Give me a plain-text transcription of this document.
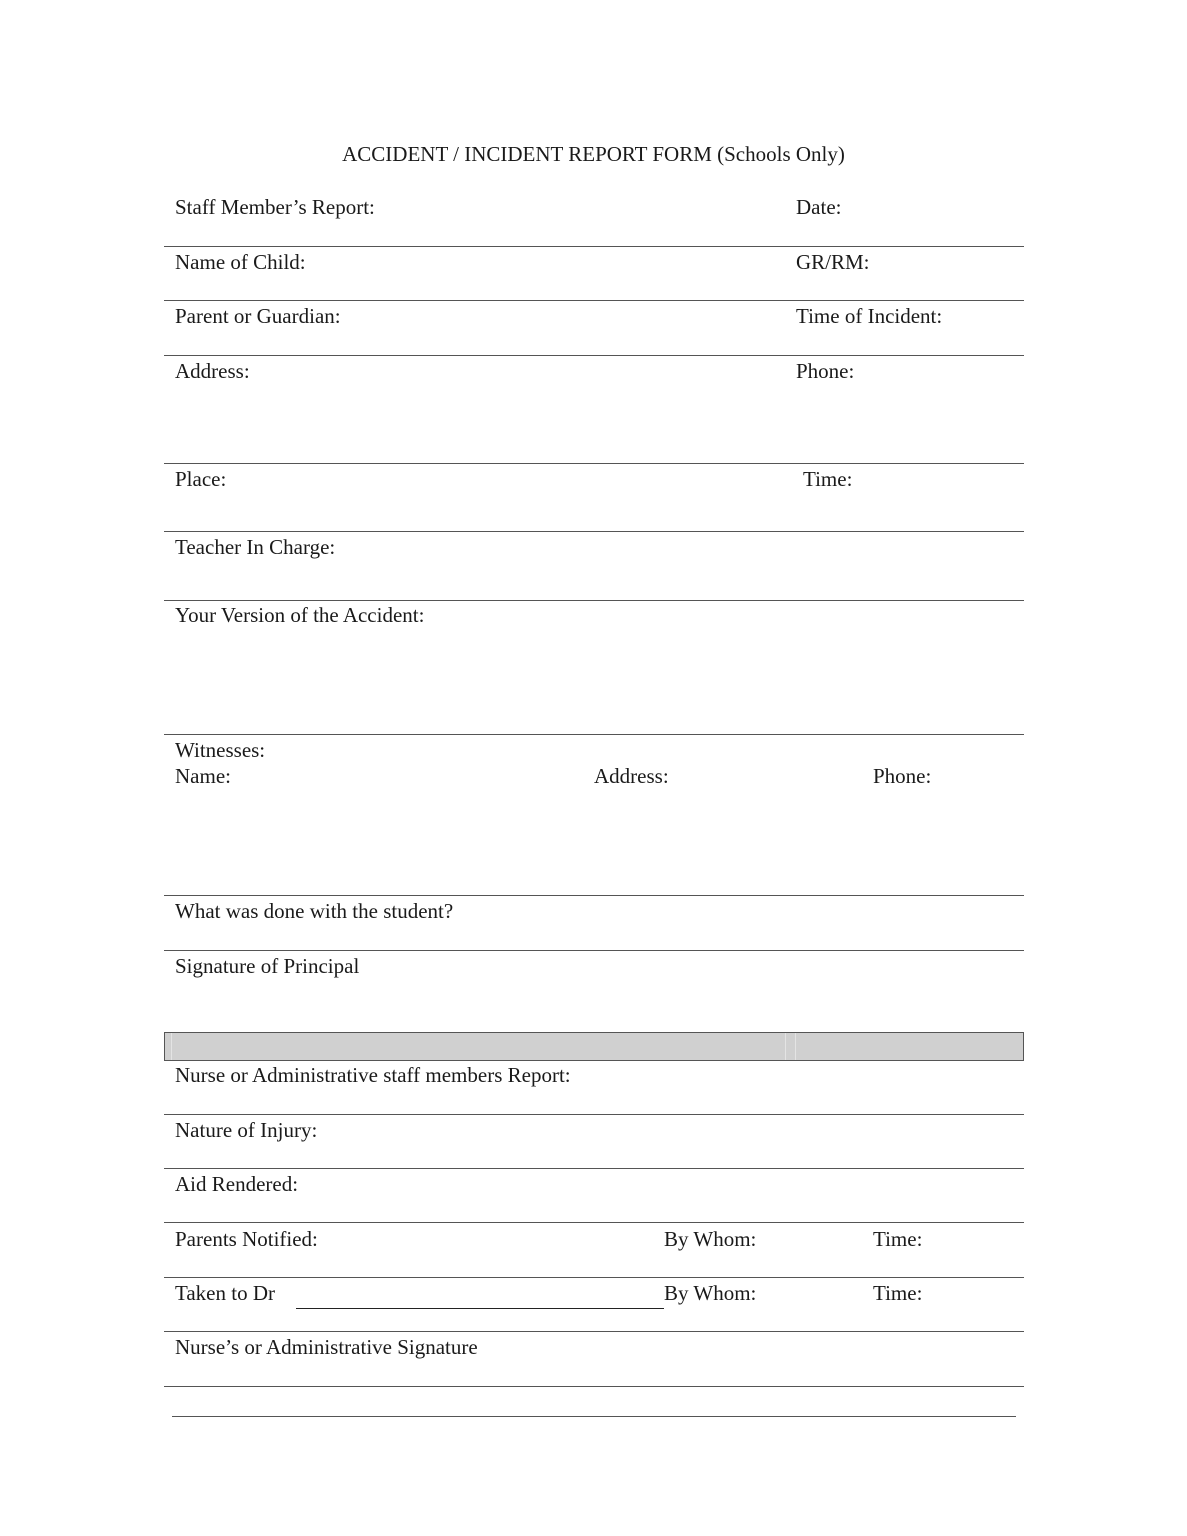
ACCIDENT / INCIDENT REPORT FORM (Schools Only)
Staff Member’s Report:	Date:
Name of Child:	GR/RM:
Parent or Guardian:	Time of Incident:
Address:	Phone:
Place:	Time:
Teacher In Charge:
Your Version of the Accident:
Witnesses:
Name:	Address:	Phone:
What was done with the student?
Signature of Principal
Nurse or Administrative staff members Report:
Nature of Injury:
Aid Rendered:
Parents Notified:	By Whom:	Time:
Taken to Dr	By Whom:	Time:
Nurse’s or Administrative Signature
